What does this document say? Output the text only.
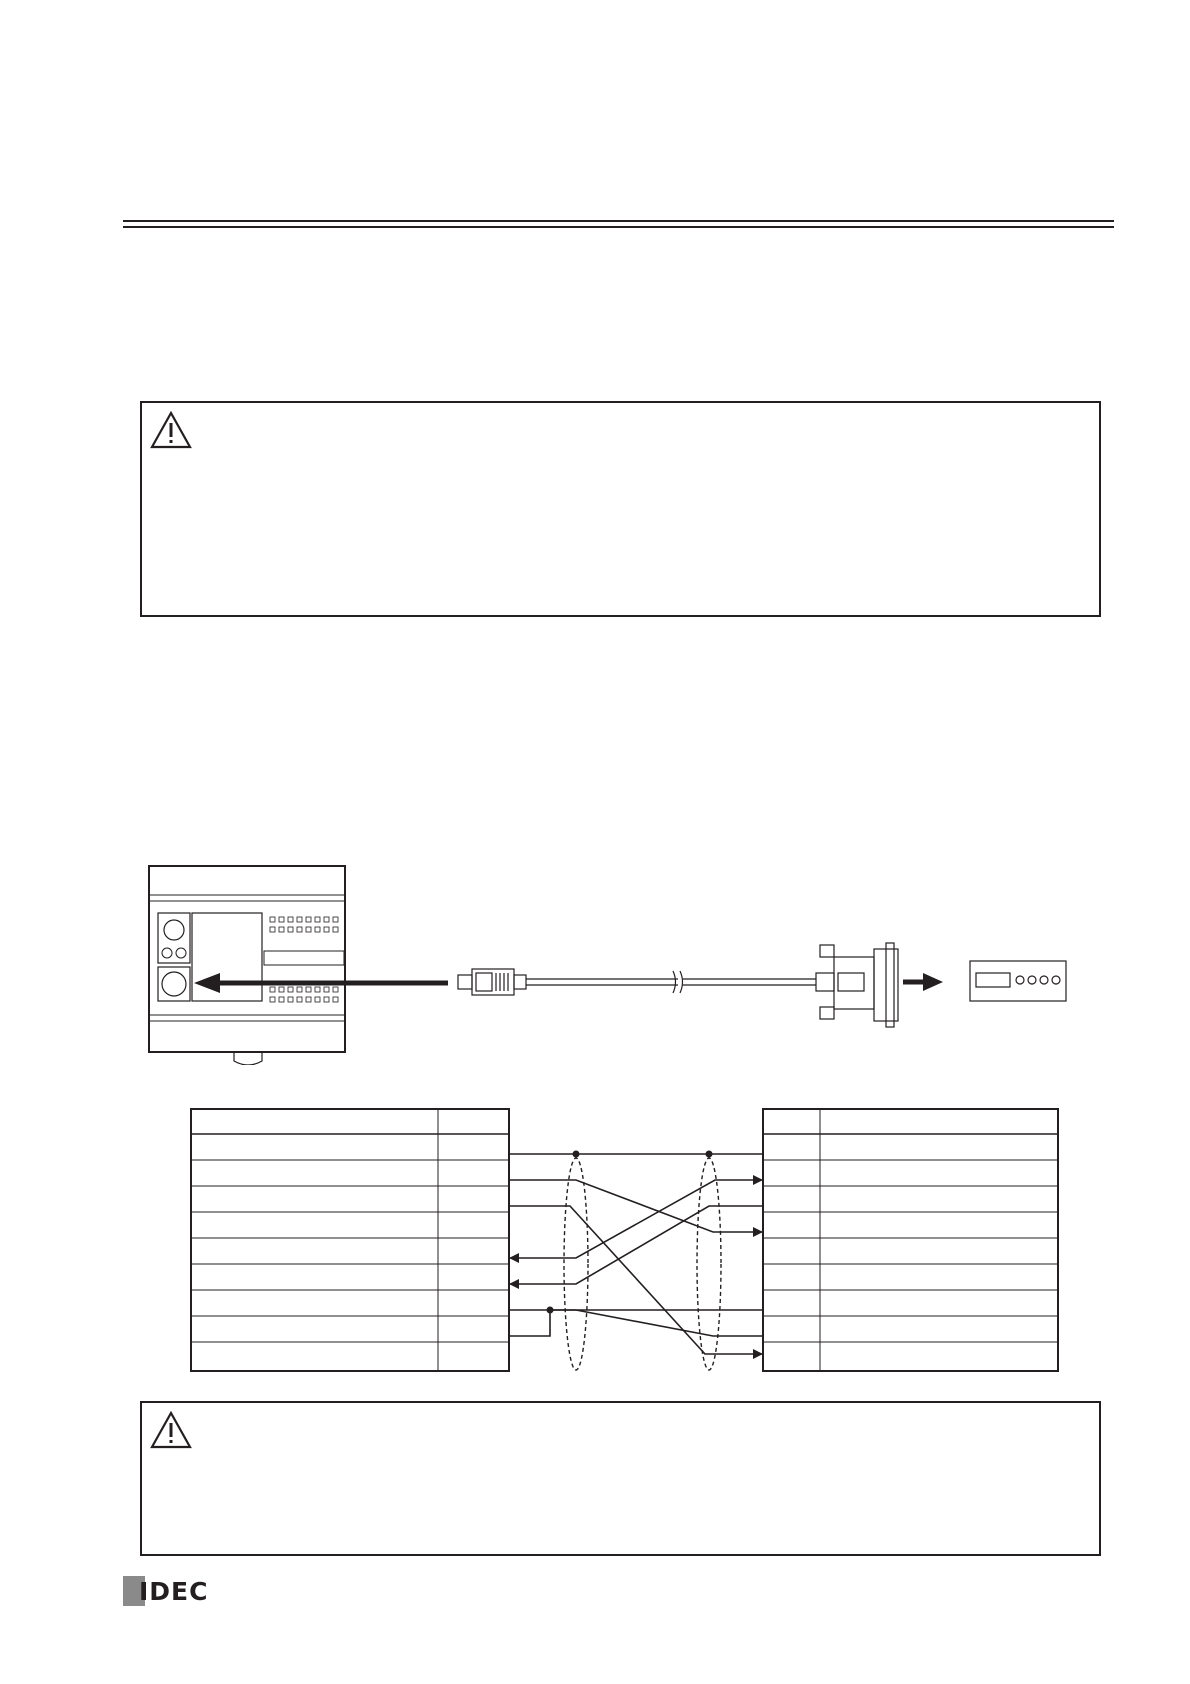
IDEC
